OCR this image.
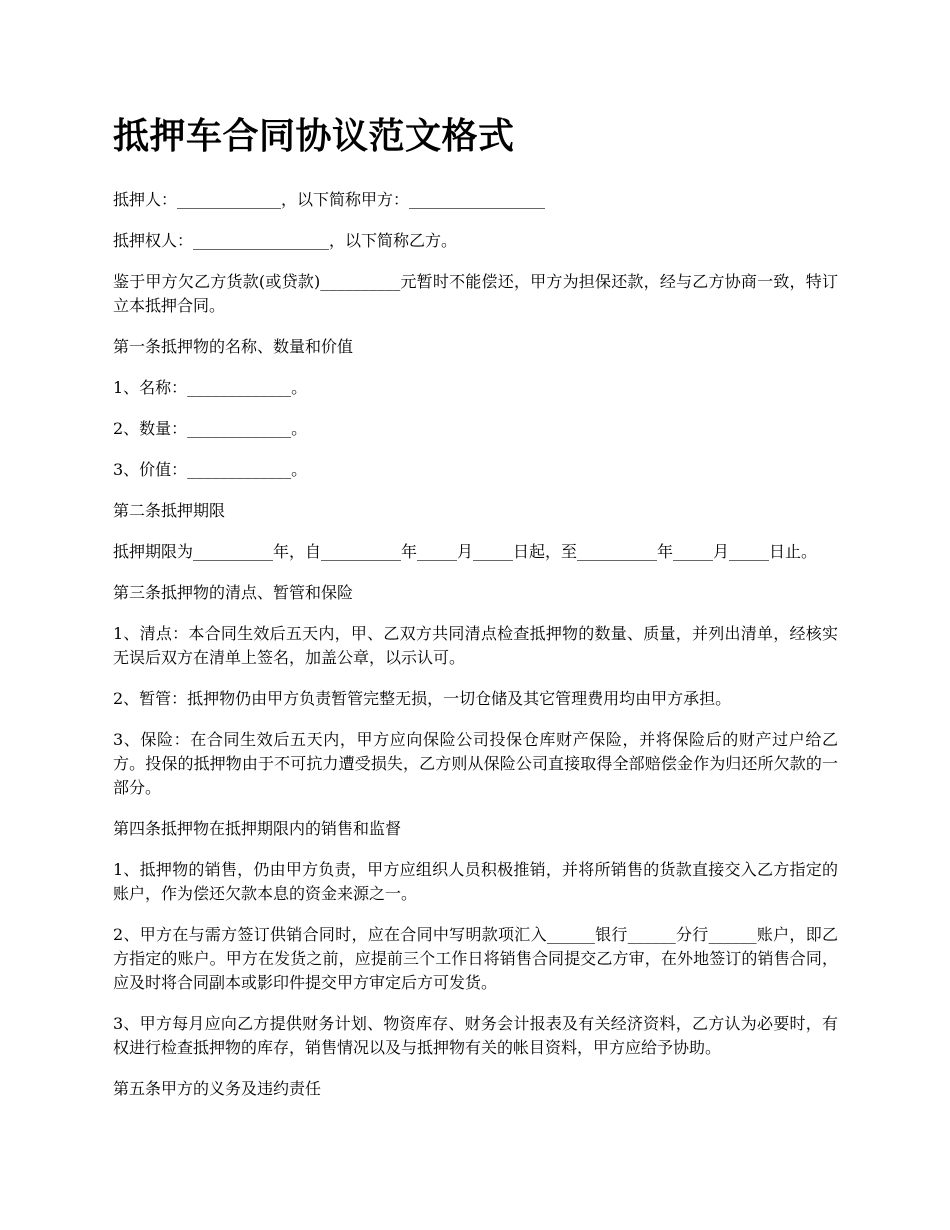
抵押车合同协议范文格式

抵押人：_____________，以下简称甲方：_________________

抵押权人：_________________，以下简称乙方。

鉴于甲方欠乙方货款(或贷款)__________元暂时不能偿还，甲方为担保还款，经与乙方协商一致，特订立本抵押合同。

第一条抵押物的名称、数量和价值

1、名称：_____________。

2、数量：_____________。

3、价值：_____________。

第二条抵押期限

抵押期限为__________年，自__________年_____月_____日起，至__________年_____月_____日止。

第三条抵押物的清点、暂管和保险

1、清点：本合同生效后五天内，甲、乙双方共同清点检查抵押物的数量、质量，并列出清单，经核实无误后双方在清单上签名，加盖公章，以示认可。

2、暂管：抵押物仍由甲方负责暂管完整无损，一切仓储及其它管理费用均由甲方承担。

3、保险：在合同生效后五天内，甲方应向保险公司投保仓库财产保险，并将保险后的财产过户给乙方。投保的抵押物由于不可抗力遭受损失，乙方则从保险公司直接取得全部赔偿金作为归还所欠款的一部分。

第四条抵押物在抵押期限内的销售和监督

1、抵押物的销售，仍由甲方负责，甲方应组织人员积极推销，并将所销售的货款直接交入乙方指定的账户，作为偿还欠款本息的资金来源之一。

2、甲方在与需方签订供销合同时，应在合同中写明款项汇入______银行______分行______账户，即乙方指定的账户。甲方在发货之前，应提前三个工作日将销售合同提交乙方审，在外地签订的销售合同，应及时将合同副本或影印件提交甲方审定后方可发货。

3、甲方每月应向乙方提供财务计划、物资库存、财务会计报表及有关经济资料，乙方认为必要时，有权进行检查抵押物的库存，销售情况以及与抵押物有关的帐目资料，甲方应给予协助。

第五条甲方的义务及违约责任
